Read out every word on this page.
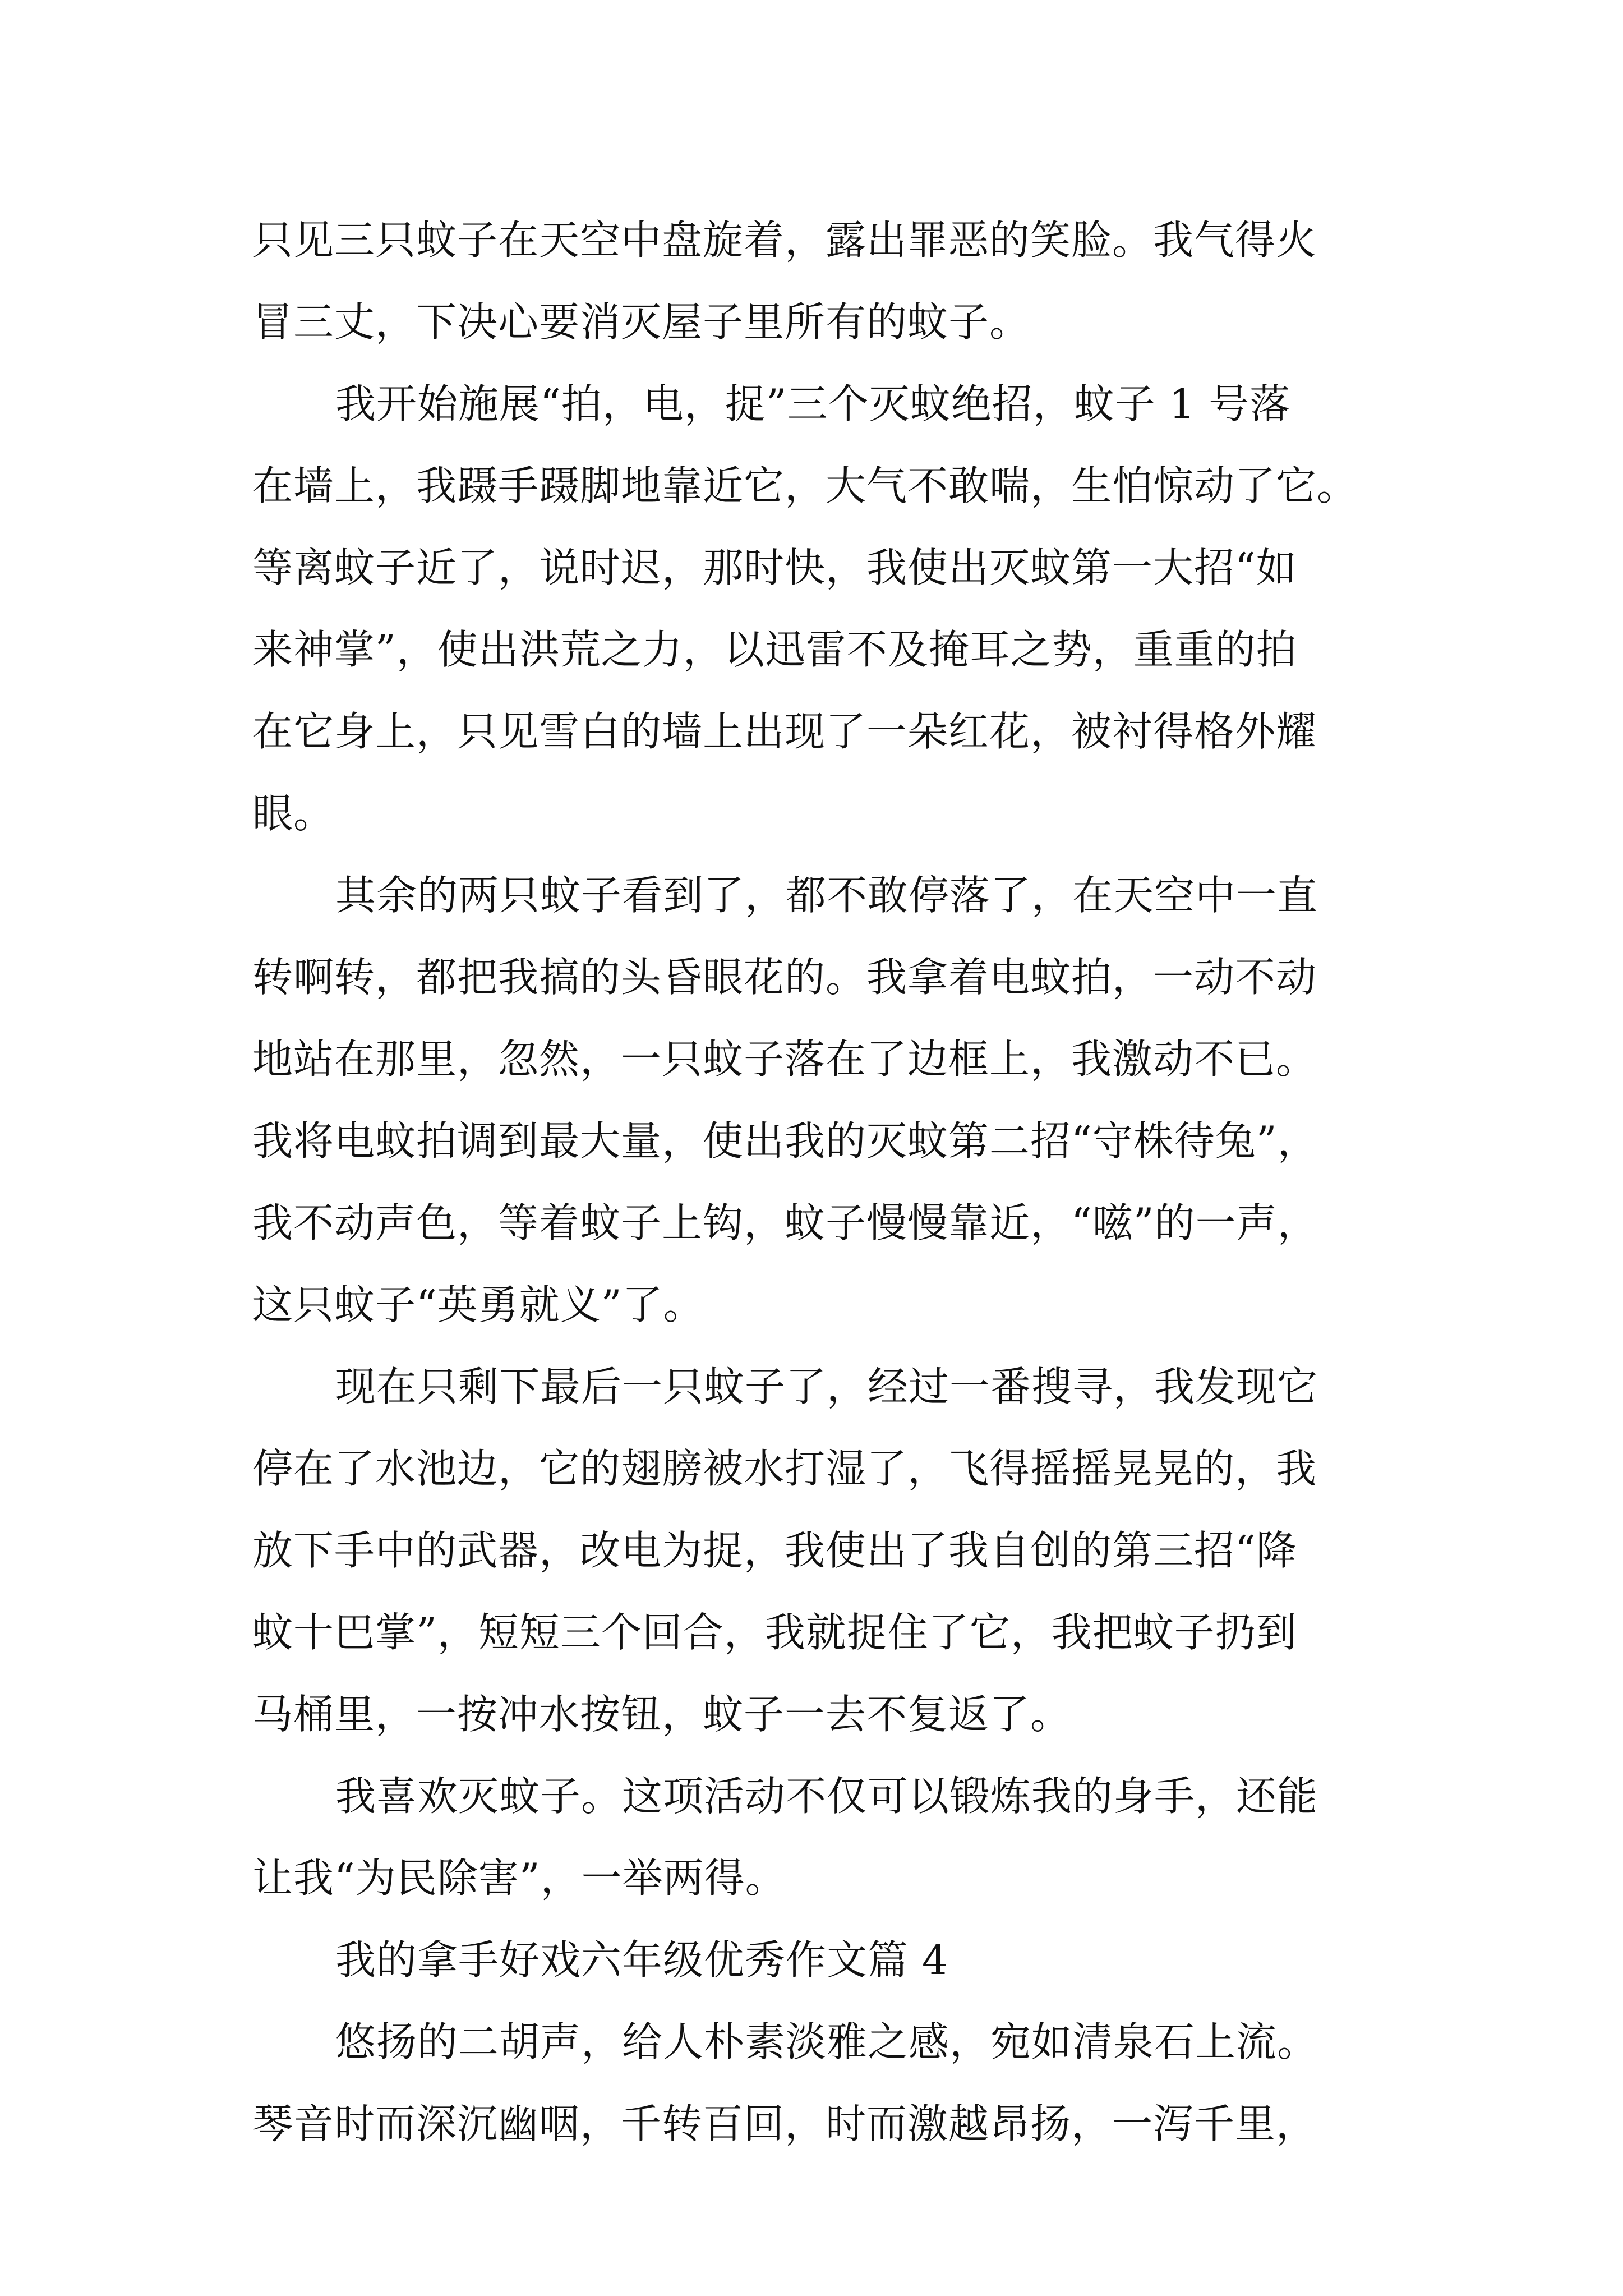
只见三只蚊子在天空中盘旋着，露出罪恶的笑脸。我气得火
冒三丈，下决心要消灭屋子里所有的蚊子。
我开始施展“拍，电，捉”三个灭蚊绝招，蚊子 1 号落
在墙上，我蹑手蹑脚地靠近它，大气不敢喘，生怕惊动了它。
等离蚊子近了，说时迟，那时快，我使出灭蚊第一大招“如
来神掌”，使出洪荒之力，以迅雷不及掩耳之势，重重的拍
在它身上，只见雪白的墙上出现了一朵红花，被衬得格外耀
眼。
其余的两只蚊子看到了，都不敢停落了，在天空中一直
转啊转，都把我搞的头昏眼花的。我拿着电蚊拍，一动不动
地站在那里，忽然，一只蚊子落在了边框上，我激动不已。
我将电蚊拍调到最大量，使出我的灭蚊第二招“守株待兔”，
我不动声色，等着蚊子上钩，蚊子慢慢靠近，“嗞”的一声，
这只蚊子“英勇就义”了。
现在只剩下最后一只蚊子了，经过一番搜寻，我发现它
停在了水池边，它的翅膀被水打湿了，飞得摇摇晃晃的，我
放下手中的武器，改电为捉，我使出了我自创的第三招“降
蚊十巴掌”，短短三个回合，我就捉住了它，我把蚊子扔到
马桶里，一按冲水按钮，蚊子一去不复返了。
我喜欢灭蚊子。这项活动不仅可以锻炼我的身手，还能
让我“为民除害”，一举两得。
我的拿手好戏六年级优秀作文篇 4
悠扬的二胡声，给人朴素淡雅之感，宛如清泉石上流。
琴音时而深沉幽咽，千转百回，时而激越昂扬，一泻千里，
